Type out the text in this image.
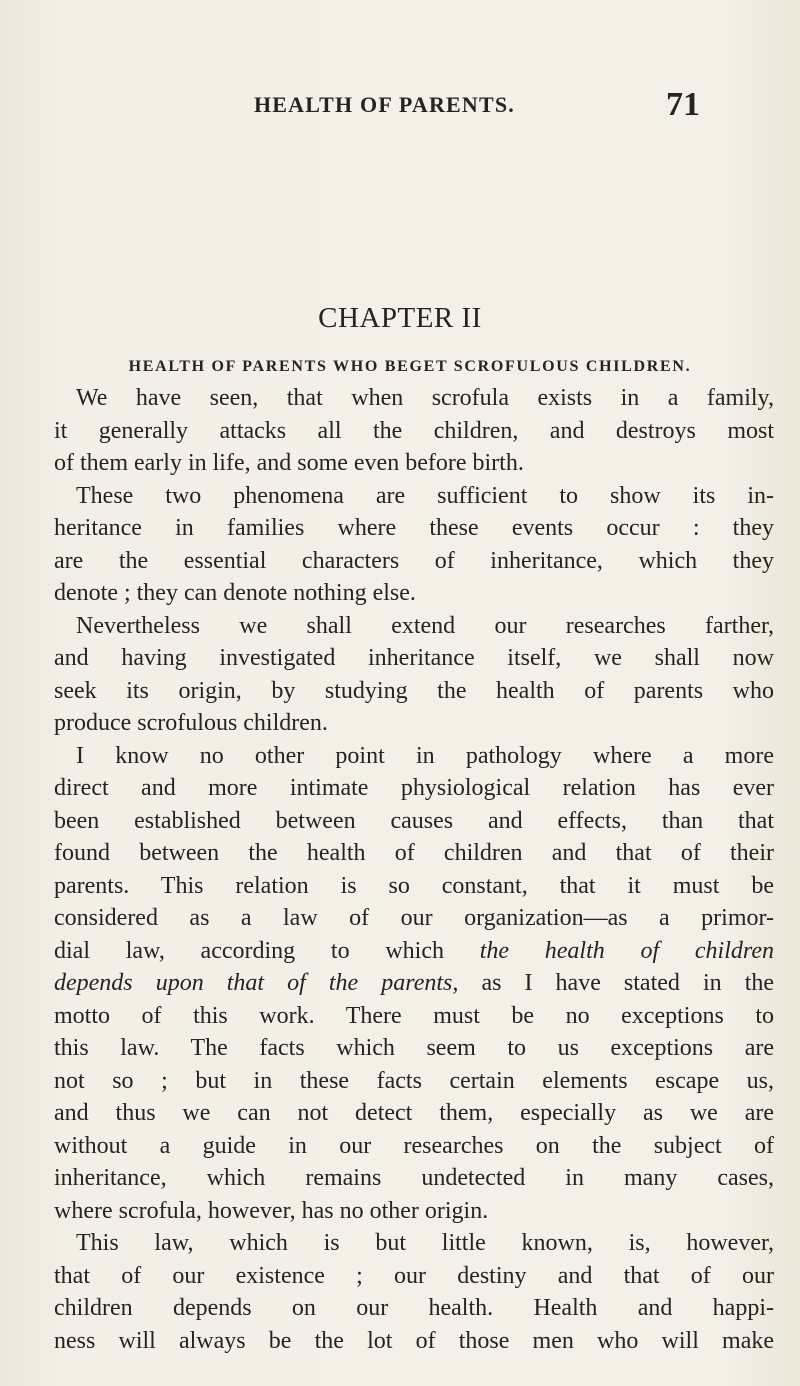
HEALTH OF PARENTS.	71
CHAPTER II
HEALTH OF PARENTS WHO BEGET SCROFULOUS CHILDREN.
We have seen, that when scrofula exists in a family,
it generally attacks all the children, and destroys most
of them early in life, and some even before birth.
These two phenomena are sufficient to show its in-
heritance in families where these events occur : they
are the essential characters of inheritance, which they
denote ; they can denote nothing else.
Nevertheless we shall extend our researches farther,
and having investigated inheritance itself, we shall now
seek its origin, by studying the health of parents who
produce scrofulous children.
I know no other point in pathology where a more
direct and more intimate physiological relation has ever
been established between causes and effects, than that
found between the health of children and that of their
parents. This relation is so constant, that it must be
considered as a law of our organization—as a primor-
dial law, according to which the health of children
depends upon that of the parents, as I have stated in the
motto of this work. There must be no exceptions to
this law. The facts which seem to us exceptions are
not so ; but in these facts certain elements escape us,
and thus we can not detect them, especially as we are
without a guide in our researches on the subject of
inheritance, which remains undetected in many cases,
where scrofula, however, has no other origin.
This law, which is but little known, is, however,
that of our existence ; our destiny and that of our
children depends on our health. Health and happi-
ness will always be the lot of those men who will make
